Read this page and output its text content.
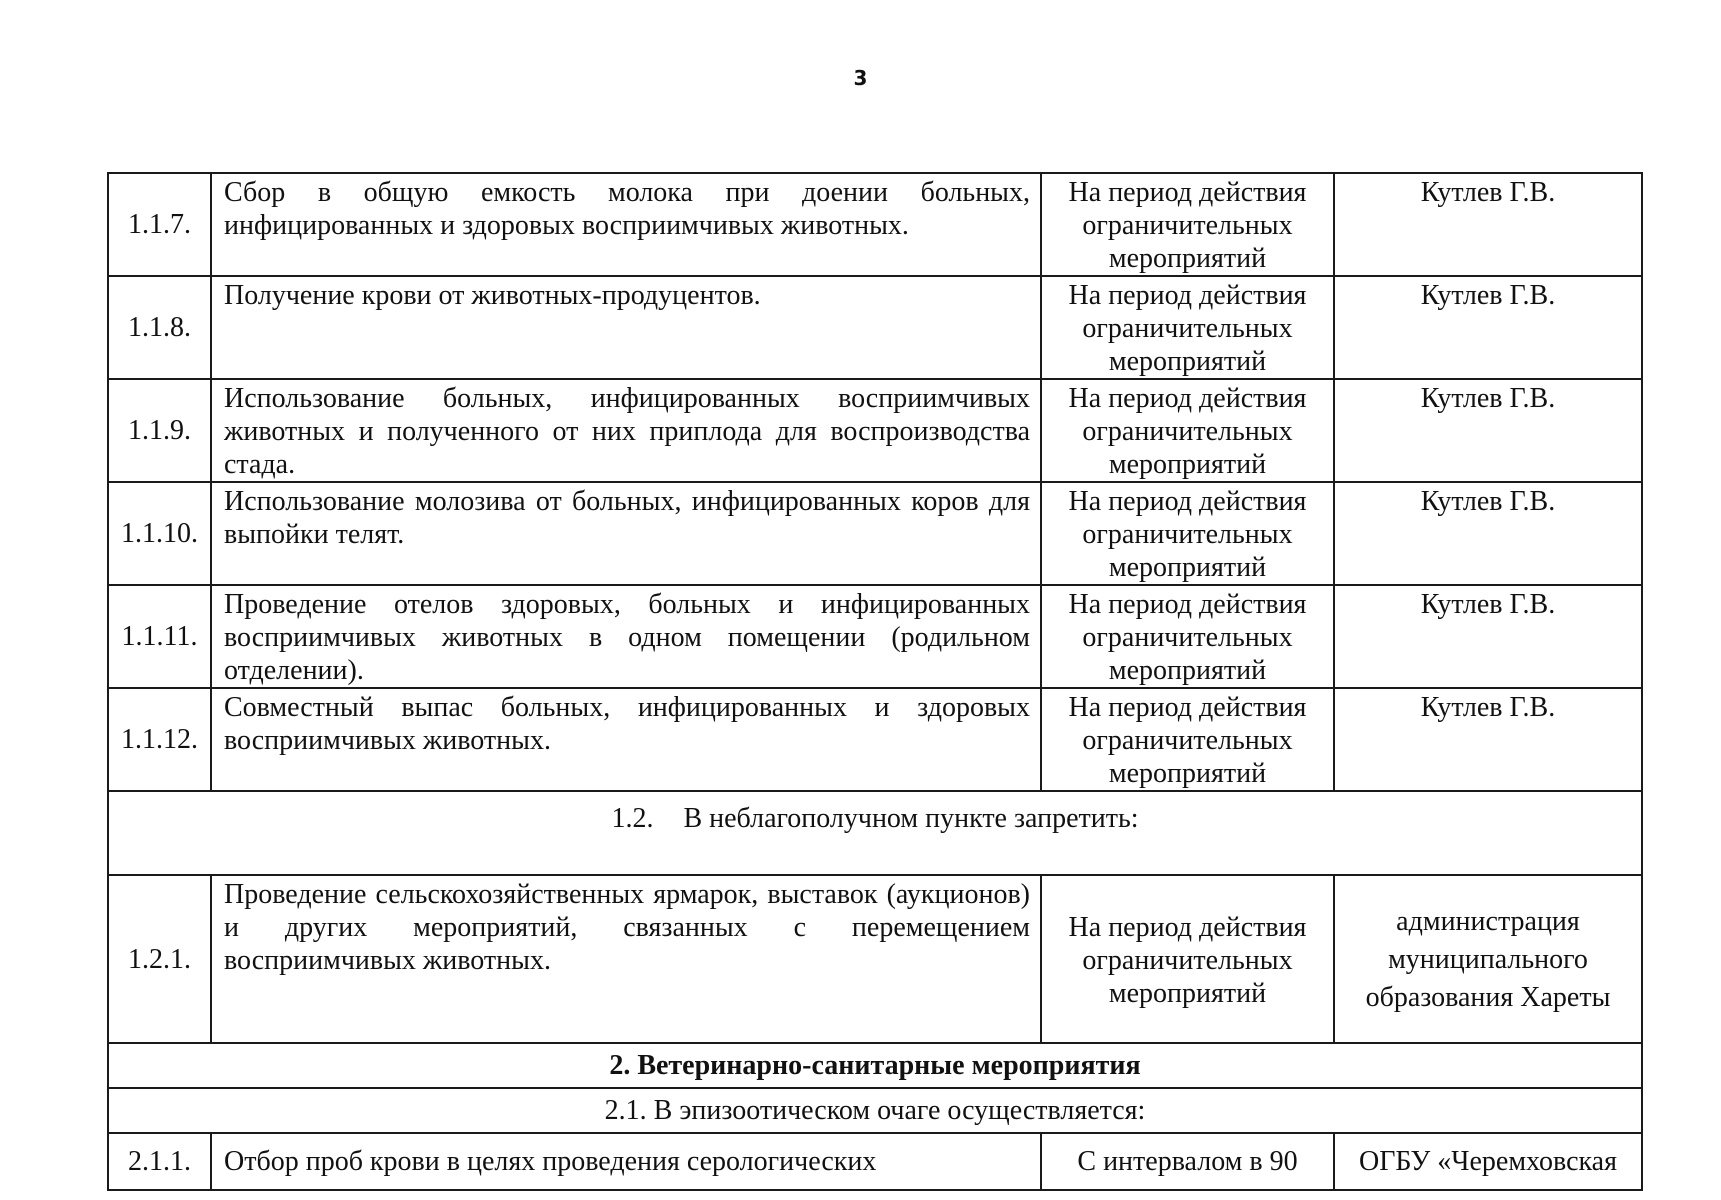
3
1.1.7.	Сбор в общую емкость молока при доении больных, инфицированных и здоровых восприимчивых животных.	На период действия ограничительных мероприятий	Кутлев Г.В.
1.1.8.	Получение крови от животных-продуцентов.	На период действия ограничительных мероприятий	Кутлев Г.В.
1.1.9.	Использование больных, инфицированных восприимчивых животных и полученного от них приплода для воспроизводства стада.	На период действия ограничительных мероприятий	Кутлев Г.В.
1.1.10.	Использование молозива от больных, инфицированных коров для выпойки телят.	На период действия ограничительных мероприятий	Кутлев Г.В.
1.1.11.	Проведение отелов здоровых, больных и инфицированных восприимчивых животных в одном помещении (родильном отделении).	На период действия ограничительных мероприятий	Кутлев Г.В.
1.1.12.	Совместный выпас больных, инфицированных и здоровых восприимчивых животных.	На период действия ограничительных мероприятий	Кутлев Г.В.
1.2. В неблагополучном пункте запретить:			
1.2.1.	Проведение сельскохозяйственных ярмарок, выставок (аукционов) и других мероприятий, связанных с перемещением восприимчивых животных.	На период действия ограничительных мероприятий	администрация муниципального образования Хареты
2. Ветеринарно-санитарные мероприятия			
2.1. В эпизоотическом очаге осуществляется:			
2.1.1.	Отбор проб крови в целях проведения серологических	С интервалом в 90	ОГБУ «Черемховская
